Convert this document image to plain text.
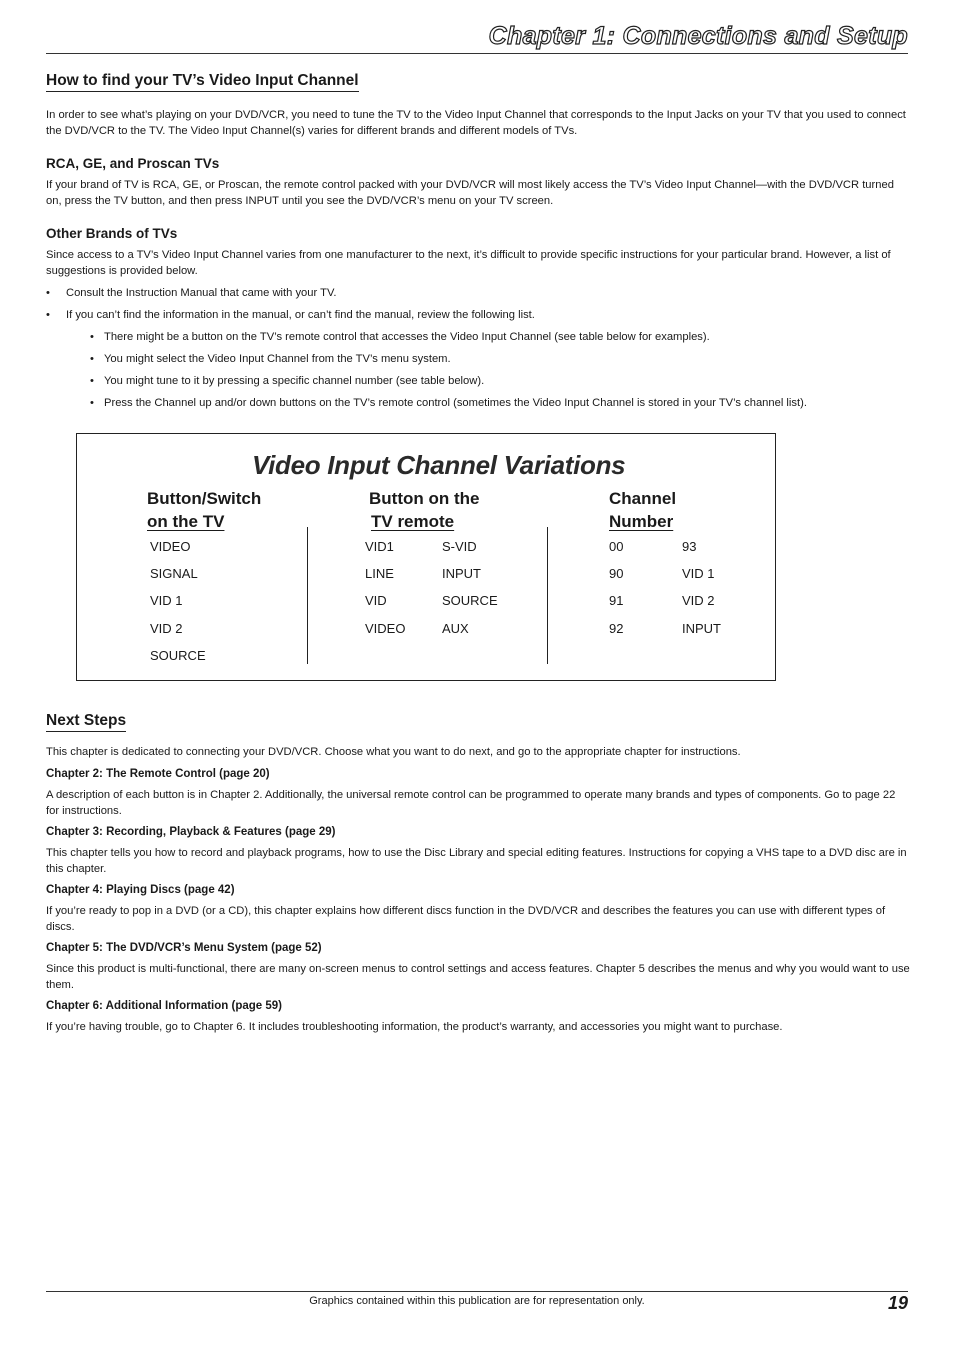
Chapter 1: Connections and Setup
How to find your TV’s Video Input Channel

In order to see what’s playing on your DVD/VCR, you need to tune the TV to the Video Input Channel that corresponds to the Input Jacks on your TV that you used to connect the DVD/VCR to the TV. The Video Input Channel(s) varies for different brands and different models of TVs.

RCA, GE, and Proscan TVs

If your brand of TV is RCA, GE, or Proscan, the remote control packed with your DVD/VCR will most likely access the TV’s Video Input Channel—with the DVD/VCR turned on, press the TV button, and then press INPUT until you see the DVD/VCR’s menu on your TV screen.

Other Brands of TVs

Since access to a TV’s Video Input Channel varies from one manufacturer to the next, it’s difficult to provide specific instructions for your particular brand. However, a list of suggestions is provided below.

• Consult the Instruction Manual that came with your TV.
• If you can’t find the information in the manual, or can’t find the manual, review the following list.
• There might be a button on the TV’s remote control that accesses the Video Input Channel (see table below for examples).
• You might select the Video Input Channel from the TV’s menu system.
• You might tune to it by pressing a specific channel number (see table below).
• Press the Channel up and/or down buttons on the TV’s remote control (sometimes the Video Input Channel is stored in your TV’s channel list).
Video Input Channel Variations
Button/Switch
on the TV
Button on the
TV remote
Channel
Number
VIDEO
SIGNAL
VID 1
VID 2
SOURCE
VID1
LINE
VID
VIDEO
S-VID
INPUT
SOURCE
AUX
00
90
91
92
93
VID 1
VID 2
INPUT
Next Steps

This chapter is dedicated to connecting your DVD/VCR. Choose what you want to do next, and go to the appropriate chapter for instructions.

Chapter 2: The Remote Control (page 20)

A description of each button is in Chapter 2. Additionally, the universal remote control can be programmed to operate many brands and types of components. Go to page 22 for instructions.

Chapter 3: Recording, Playback & Features (page 29)

This chapter tells you how to record and playback programs, how to use the Disc Library and special editing features. Instructions for copying a VHS tape to a DVD disc are in this chapter.

Chapter 4: Playing Discs (page 42)

If you’re ready to pop in a DVD (or a CD), this chapter explains how different discs function in the DVD/VCR and describes the features you can use with different types of discs.

Chapter 5: The DVD/VCR’s Menu System (page 52)

Since this product is multi-functional, there are many on-screen menus to control settings and access features. Chapter 5 describes the menus and why you would want to use them.

Chapter 6: Additional Information (page 59)

If you’re having trouble, go to Chapter 6. It includes troubleshooting information, the product’s warranty, and accessories you might want to purchase.

Graphics contained within this publication are for representation only.	19
